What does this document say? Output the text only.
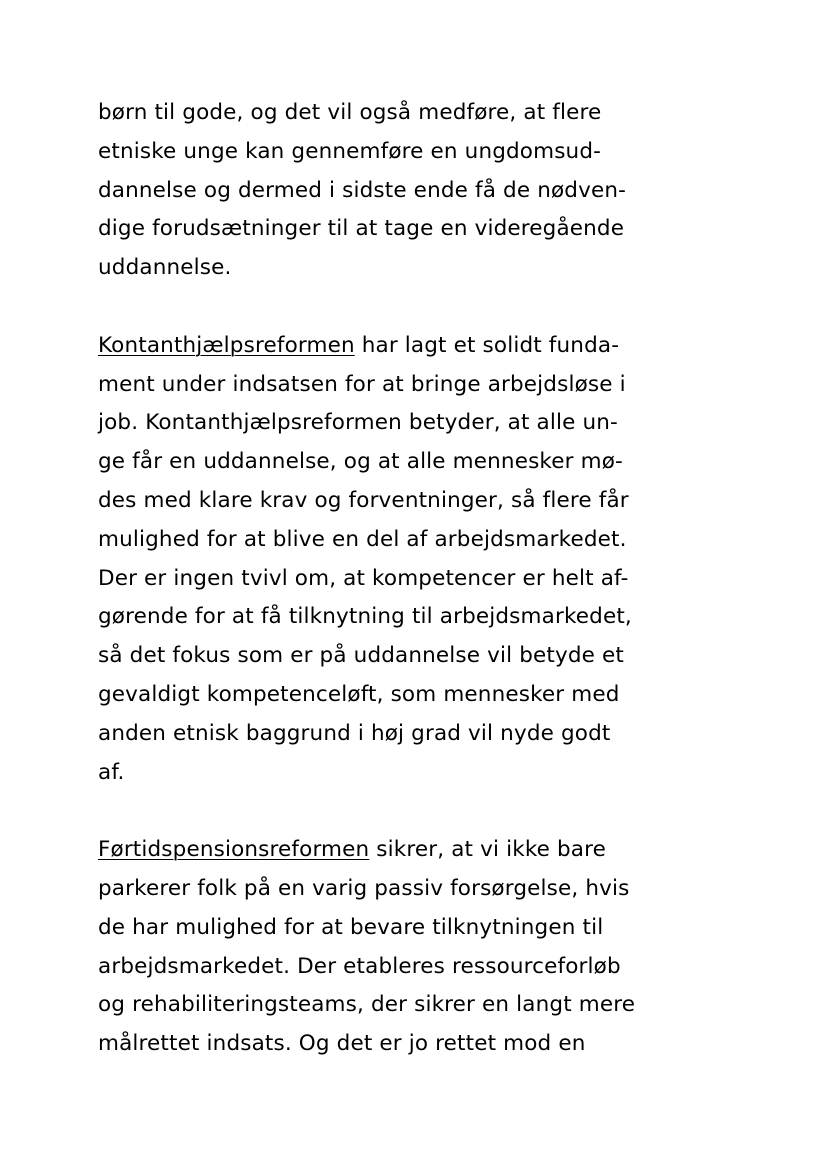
børn til gode, og det vil også medføre, at flere
etniske unge kan gennemføre en ungdomsud-
dannelse og dermed i sidste ende få de nødven-
dige forudsætninger til at tage en videregående
uddannelse.
Kontanthjælpsreformen har lagt et solidt funda-
ment under indsatsen for at bringe arbejdsløse i
job. Kontanthjælpsreformen betyder, at alle un-
ge får en uddannelse, og at alle mennesker mø-
des med klare krav og forventninger, så flere får
mulighed for at blive en del af arbejdsmarkedet.
Der er ingen tvivl om, at kompetencer er helt af-
gørende for at få tilknytning til arbejdsmarkedet,
så det fokus som er på uddannelse vil betyde et
gevaldigt kompetenceløft, som mennesker med
anden etnisk baggrund i høj grad vil nyde godt
af.
Førtidspensionsreformen sikrer, at vi ikke bare
parkerer folk på en varig passiv forsørgelse, hvis
de har mulighed for at bevare tilknytningen til
arbejdsmarkedet. Der etableres ressourceforløb
og rehabiliteringsteams, der sikrer en langt mere
målrettet indsats. Og det er jo rettet mod en
